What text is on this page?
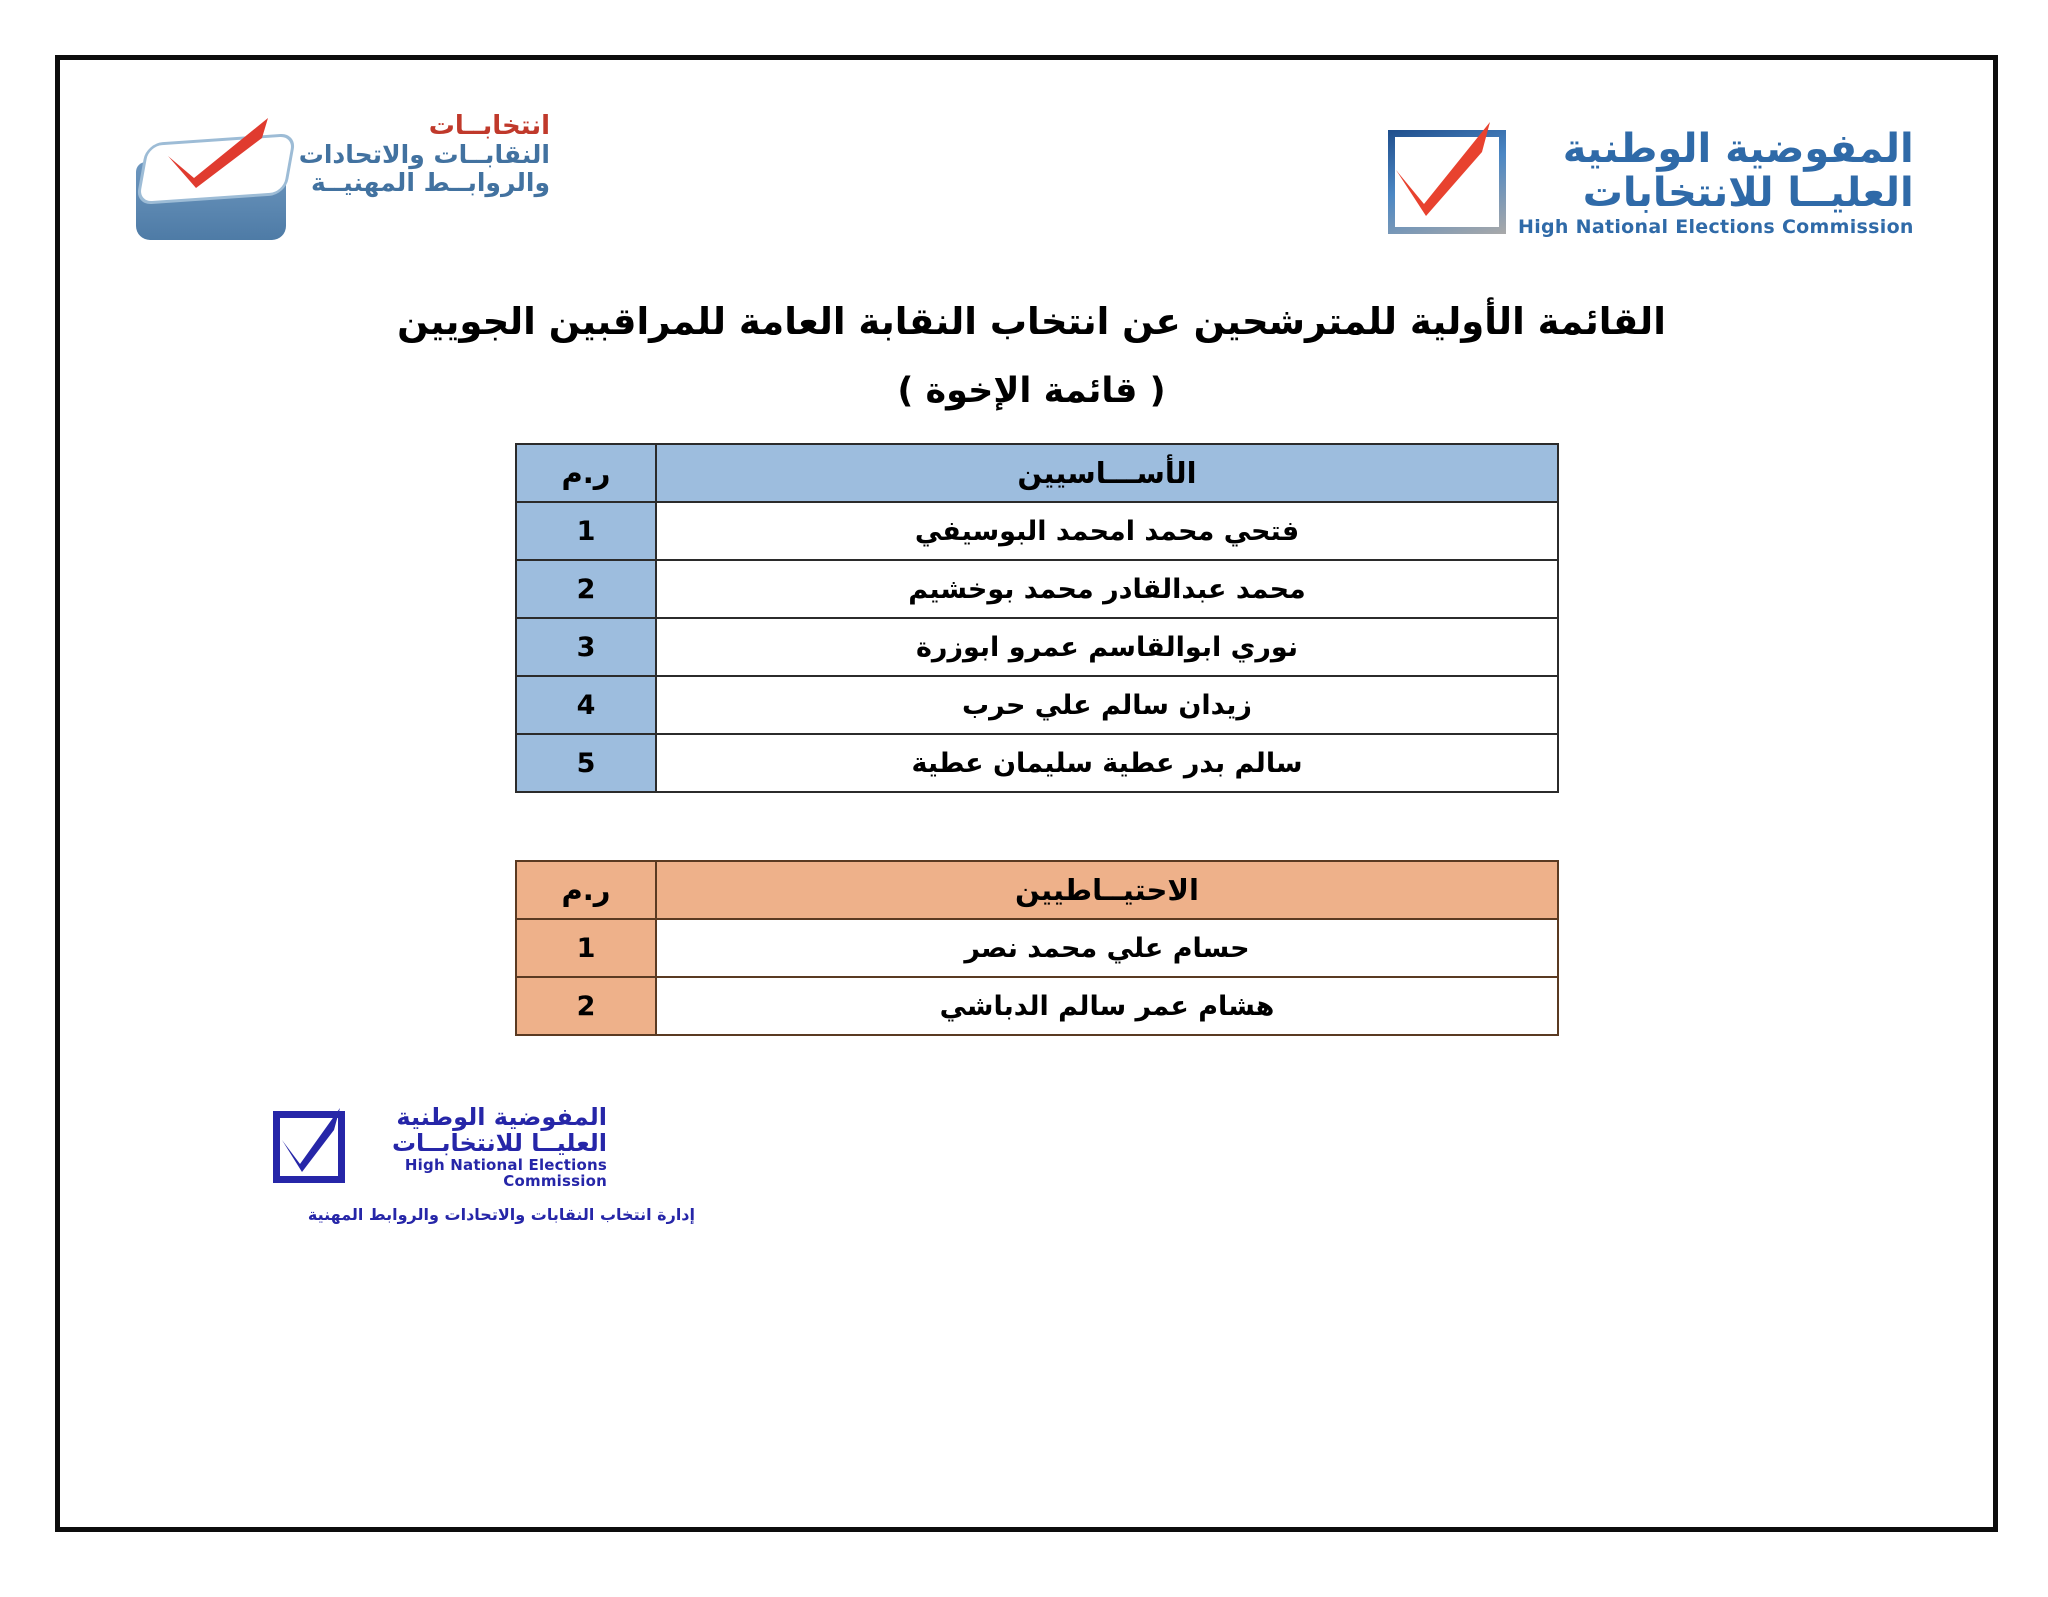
انتخابــات
النقابــات والاتحادات
والروابــط المهنيــة
المفوضية الوطنية
العليــا للانتخابات
High National Elections Commission
القائمة الأولية للمترشحين عن انتخاب النقابة العامة للمراقبين الجويين
( قائمة الإخوة )
الأســـاسيين	ر.م
فتحي محمد امحمد البوسيفي	1
محمد عبدالقادر محمد بوخشيم	2
نوري ابوالقاسم عمرو ابوزرة	3
زيدان سالم علي حرب	4
سالم بدر عطية سليمان عطية	5
الاحتيــاطيين	ر.م
حسام علي محمد نصر	1
هشام عمر سالم الدباشي	2
المفوضية الوطنية
العليــا للانتخابــات
High National Elections Commission
إدارة انتخاب النقابات والاتحادات والروابط المهنية
